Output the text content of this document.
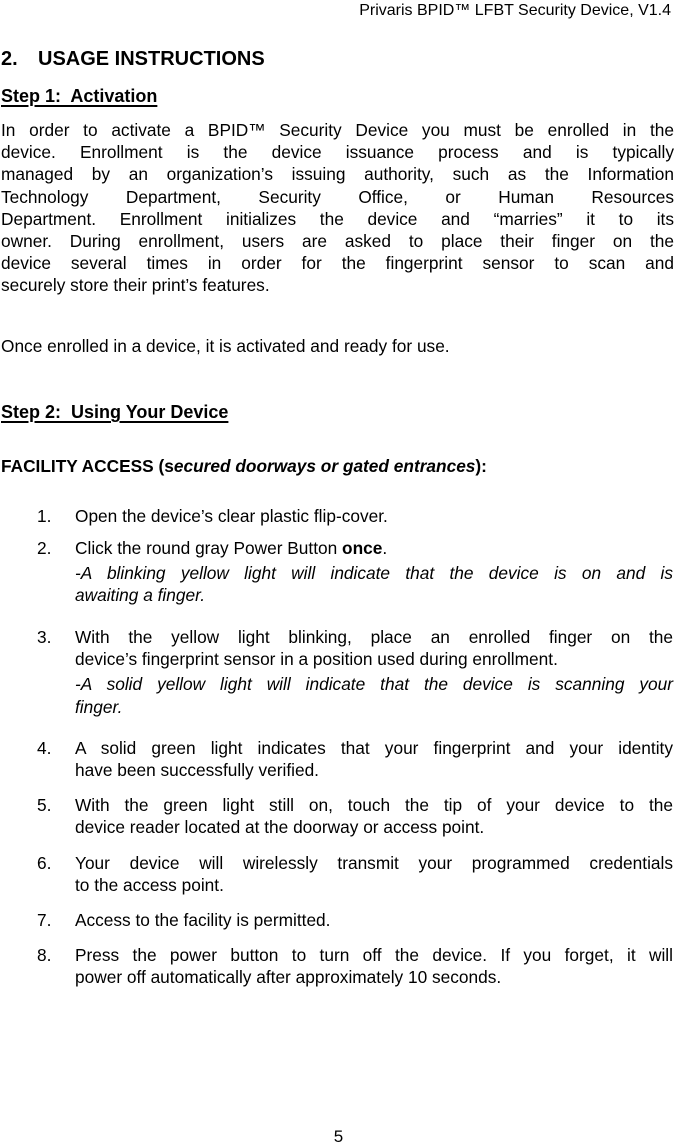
Privaris BPID™ LFBT Security Device, V1.4
2. USAGE INSTRUCTIONS
Step 1:  Activation
In order to activate a BPID™ Security Device you must be enrolled in the
device. Enrollment is the device issuance process and is typically
managed by an organization’s issuing authority, such as the Information
Technology Department, Security Office, or Human Resources
Department. Enrollment initializes the device and “marries” it to its
owner. During enrollment, users are asked to place their finger on the
device several times in order for the fingerprint sensor to scan and
securely store their print’s features.
Once enrolled in a device, it is activated and ready for use.
Step 2:  Using Your Device
FACILITY ACCESS (secured doorways or gated entrances):
1.	Open the device’s clear plastic flip-cover.
2.	Click the round gray Power Button once.
-A blinking yellow light will indicate that the device is on and is
awaiting a finger.
3.	With the yellow light blinking, place an enrolled finger on the
device’s fingerprint sensor in a position used during enrollment.
-A solid yellow light will indicate that the device is scanning your
finger.
4.	A solid green light indicates that your fingerprint and your identity
have been successfully verified.
5.	With the green light still on, touch the tip of your device to the
device reader located at the doorway or access point.
6.	Your device will wirelessly transmit your programmed credentials
to the access point.
7.	Access to the facility is permitted.
8.	Press the power button to turn off the device. If you forget, it will
power off automatically after approximately 10 seconds.
5
